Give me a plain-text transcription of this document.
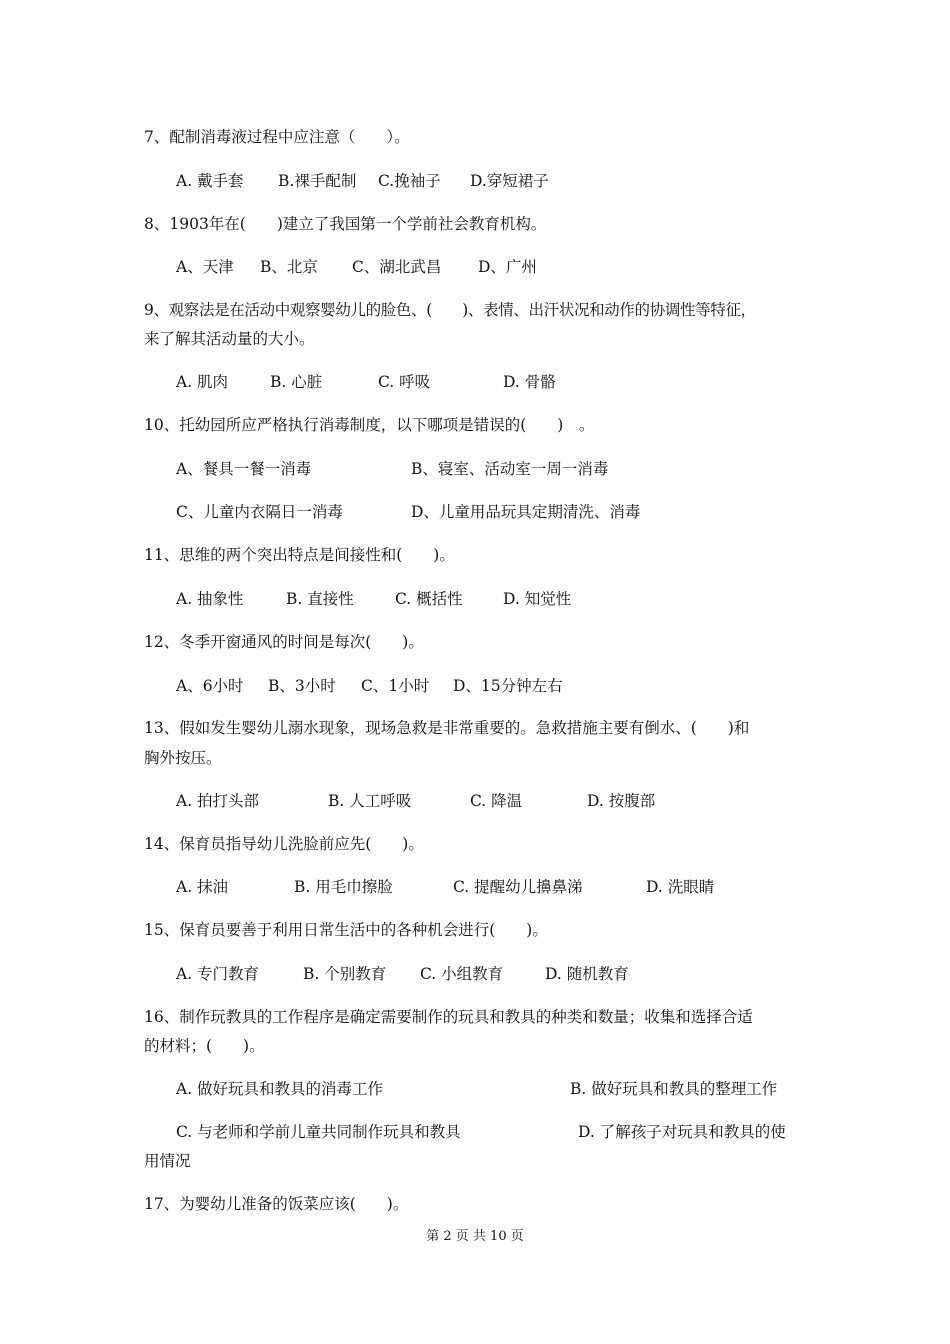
7、配制消毒液过程中应注意（　　）。
A. 戴手套 B.裸手配制 C.挽袖子 D.穿短裙子
8、1903年在(　　)建立了我国第一个学前社会教育机构。
A、天津 B、北京 C、湖北武昌 D、广州
9、观察法是在活动中观察婴幼儿的脸色、(　　)、表情、出汗状况和动作的协调性等特征，
来了解其活动量的大小。
A. 肌肉	B. 心脏	C. 呼吸	D. 骨骼
10、托幼园所应严格执行消毒制度，以下哪项是错误的(　　)　。
A、餐具一餐一消毒	B、寝室、活动室一周一消毒
C、儿童内衣隔日一消毒	D、儿童用品玩具定期清洗、消毒
11、思维的两个突出特点是间接性和(　　)。
A. 抽象性	B. 直接性	C. 概括性	D. 知觉性
12、冬季开窗通风的时间是每次(　　)。
A、6小时 B、3小时 C、1小时 D、15分钟左右
13、假如发生婴幼儿溺水现象，现场急救是非常重要的。急救措施主要有倒水、(　　)和
胸外按压。
A. 拍打头部	B. 人工呼吸	C. 降温	D. 按腹部
14、保育员指导幼儿洗脸前应先(　　)。
A. 抹油	B. 用毛巾擦脸	C. 提醒幼儿擤鼻涕	D. 洗眼睛
15、保育员要善于利用日常生活中的各种机会进行(　　)。
A. 专门教育	B. 个别教育 C. 小组教育	D. 随机教育
16、制作玩教具的工作程序是确定需要制作的玩具和教具的种类和数量；收集和选择合适
的材料；(　　)。
A. 做好玩具和教具的消毒工作	B. 做好玩具和教具的整理工作
C. 与老师和学前儿童共同制作玩具和教具	D. 了解孩子对玩具和教具的使
用情况
17、为婴幼儿准备的饭菜应该(　　)。
第 2 页 共 10 页
